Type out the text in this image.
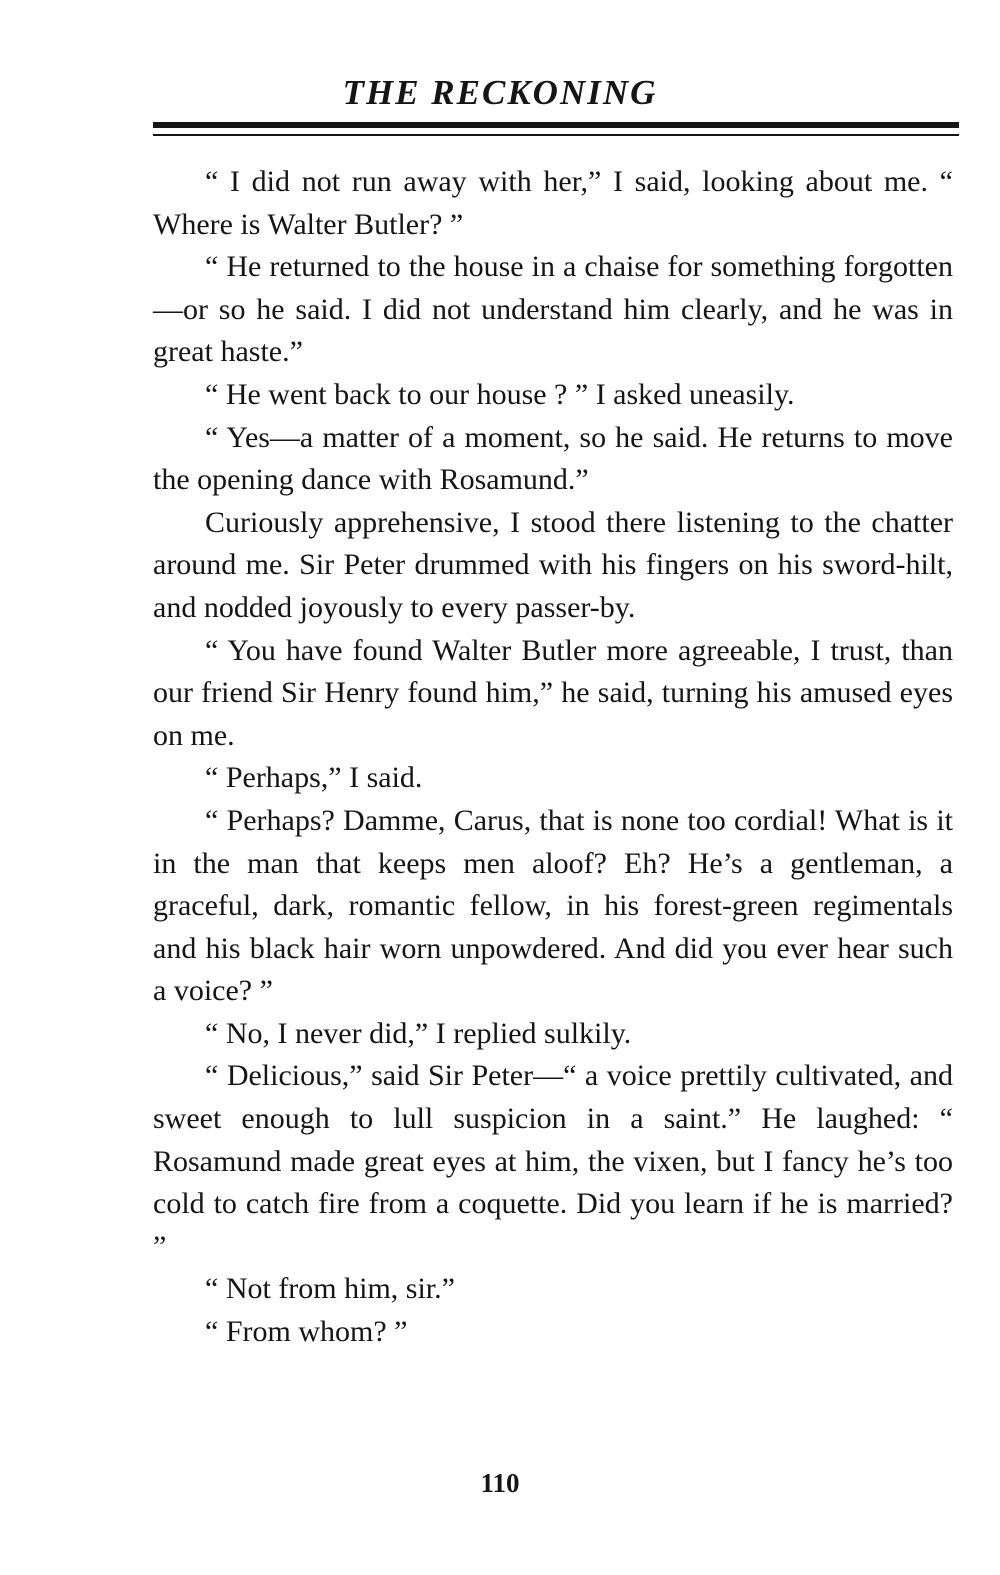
THE RECKONING

“ I did not run away with her,” I said, looking about me. “ Where is Walter Butler? ”

“ He returned to the house in a chaise for something forgotten—or so he said. I did not understand him clearly, and he was in great haste.”

“ He went back to our house ? ” I asked uneasily.

“ Yes—a matter of a moment, so he said. He returns to move the opening dance with Rosamund.”

Curiously apprehensive, I stood there listening to the chatter around me. Sir Peter drummed with his fingers on his sword-hilt, and nodded joyously to every passer-by.

“ You have found Walter Butler more agreeable, I trust, than our friend Sir Henry found him,” he said, turning his amused eyes on me.

“ Perhaps,” I said.

“ Perhaps? Damme, Carus, that is none too cordial! What is it in the man that keeps men aloof? Eh? He’s a gentleman, a graceful, dark, romantic fellow, in his forest-green regimentals and his black hair worn unpowdered. And did you ever hear such a voice? ”

“ No, I never did,” I replied sulkily.

“ Delicious,” said Sir Peter—“ a voice prettily cultivated, and sweet enough to lull suspicion in a saint.” He laughed: “ Rosamund made great eyes at him, the vixen, but I fancy he’s too cold to catch fire from a coquette. Did you learn if he is married? ”

“ Not from him, sir.”

“ From whom? ”

110
